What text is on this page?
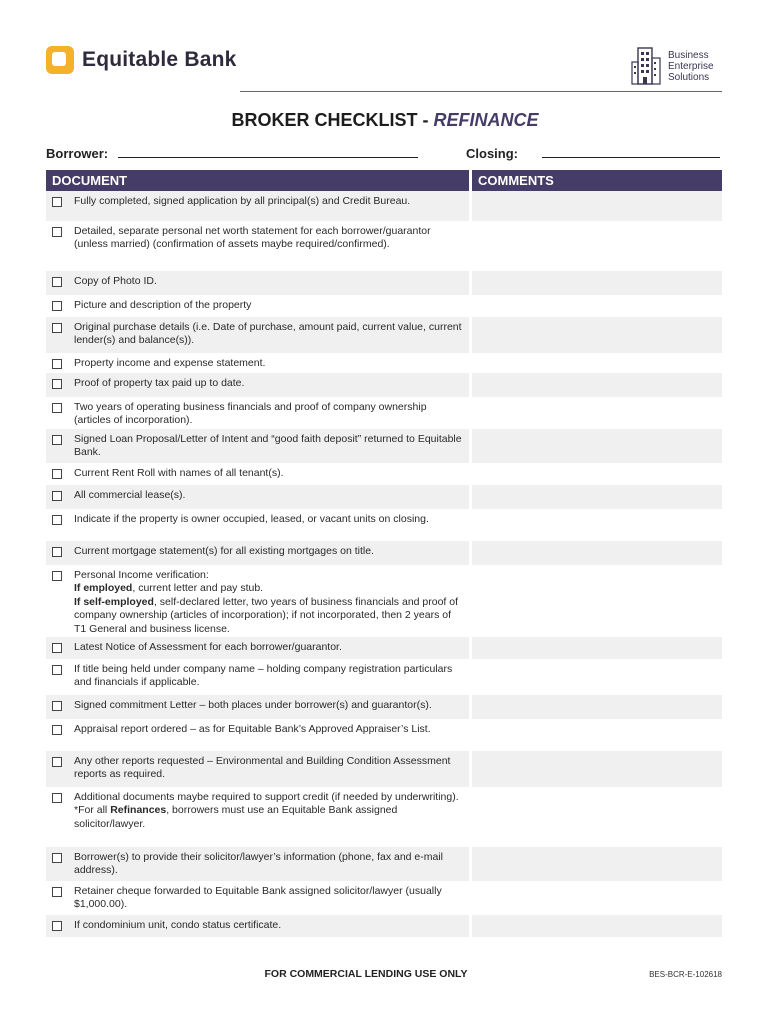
Equitable Bank	Business
Enterprise
Solutions
BROKER CHECKLIST - REFINANCE
Borrower:	Closing:
DOCUMENT	COMMENTS
Fully completed, signed application by all principal(s) and Credit Bureau.
Detailed, separate personal net worth statement for each borrower/guarantor (unless married) (confirmation of assets maybe required/confirmed).
Copy of Photo ID.
Picture and description of the property
Original purchase details (i.e. Date of purchase, amount paid, current value, current lender(s) and balance(s)).
Property income and expense statement.
Proof of property tax paid up to date.
Two years of operating business financials and proof of company ownership (articles of incorporation).
Signed Loan Proposal/Letter of Intent and “good faith deposit” returned to Equitable Bank.
Current Rent Roll with names of all tenant(s).
All commercial lease(s).
Indicate if the property is owner occupied, leased, or vacant units on closing.
Current mortgage statement(s) for all existing mortgages on title.
Personal Income verification:
If employed, current letter and pay stub.
If self-employed, self-declared letter, two years of business financials and proof of company ownership (articles of incorporation); if not incorporated, then 2 years of T1 General and business license.
Latest Notice of Assessment for each borrower/guarantor.
If title being held under company name – holding company registration particulars and financials if applicable.
Signed commitment Letter – both places under borrower(s) and guarantor(s).
Appraisal report ordered – as for Equitable Bank’s Approved Appraiser’s List.
Any other reports requested – Environmental and Building Condition Assessment reports as required.
Additional documents maybe required to support credit (if needed by underwriting).
*For all Refinances, borrowers must use an Equitable Bank assigned solicitor/lawyer.
Borrower(s) to provide their solicitor/lawyer’s information (phone, fax and e-mail address).
Retainer cheque forwarded to Equitable Bank assigned solicitor/lawyer (usually $1,000.00).
If condominium unit, condo status certificate.
FOR COMMERCIAL LENDING USE ONLY	BES-BCR-E-102618
